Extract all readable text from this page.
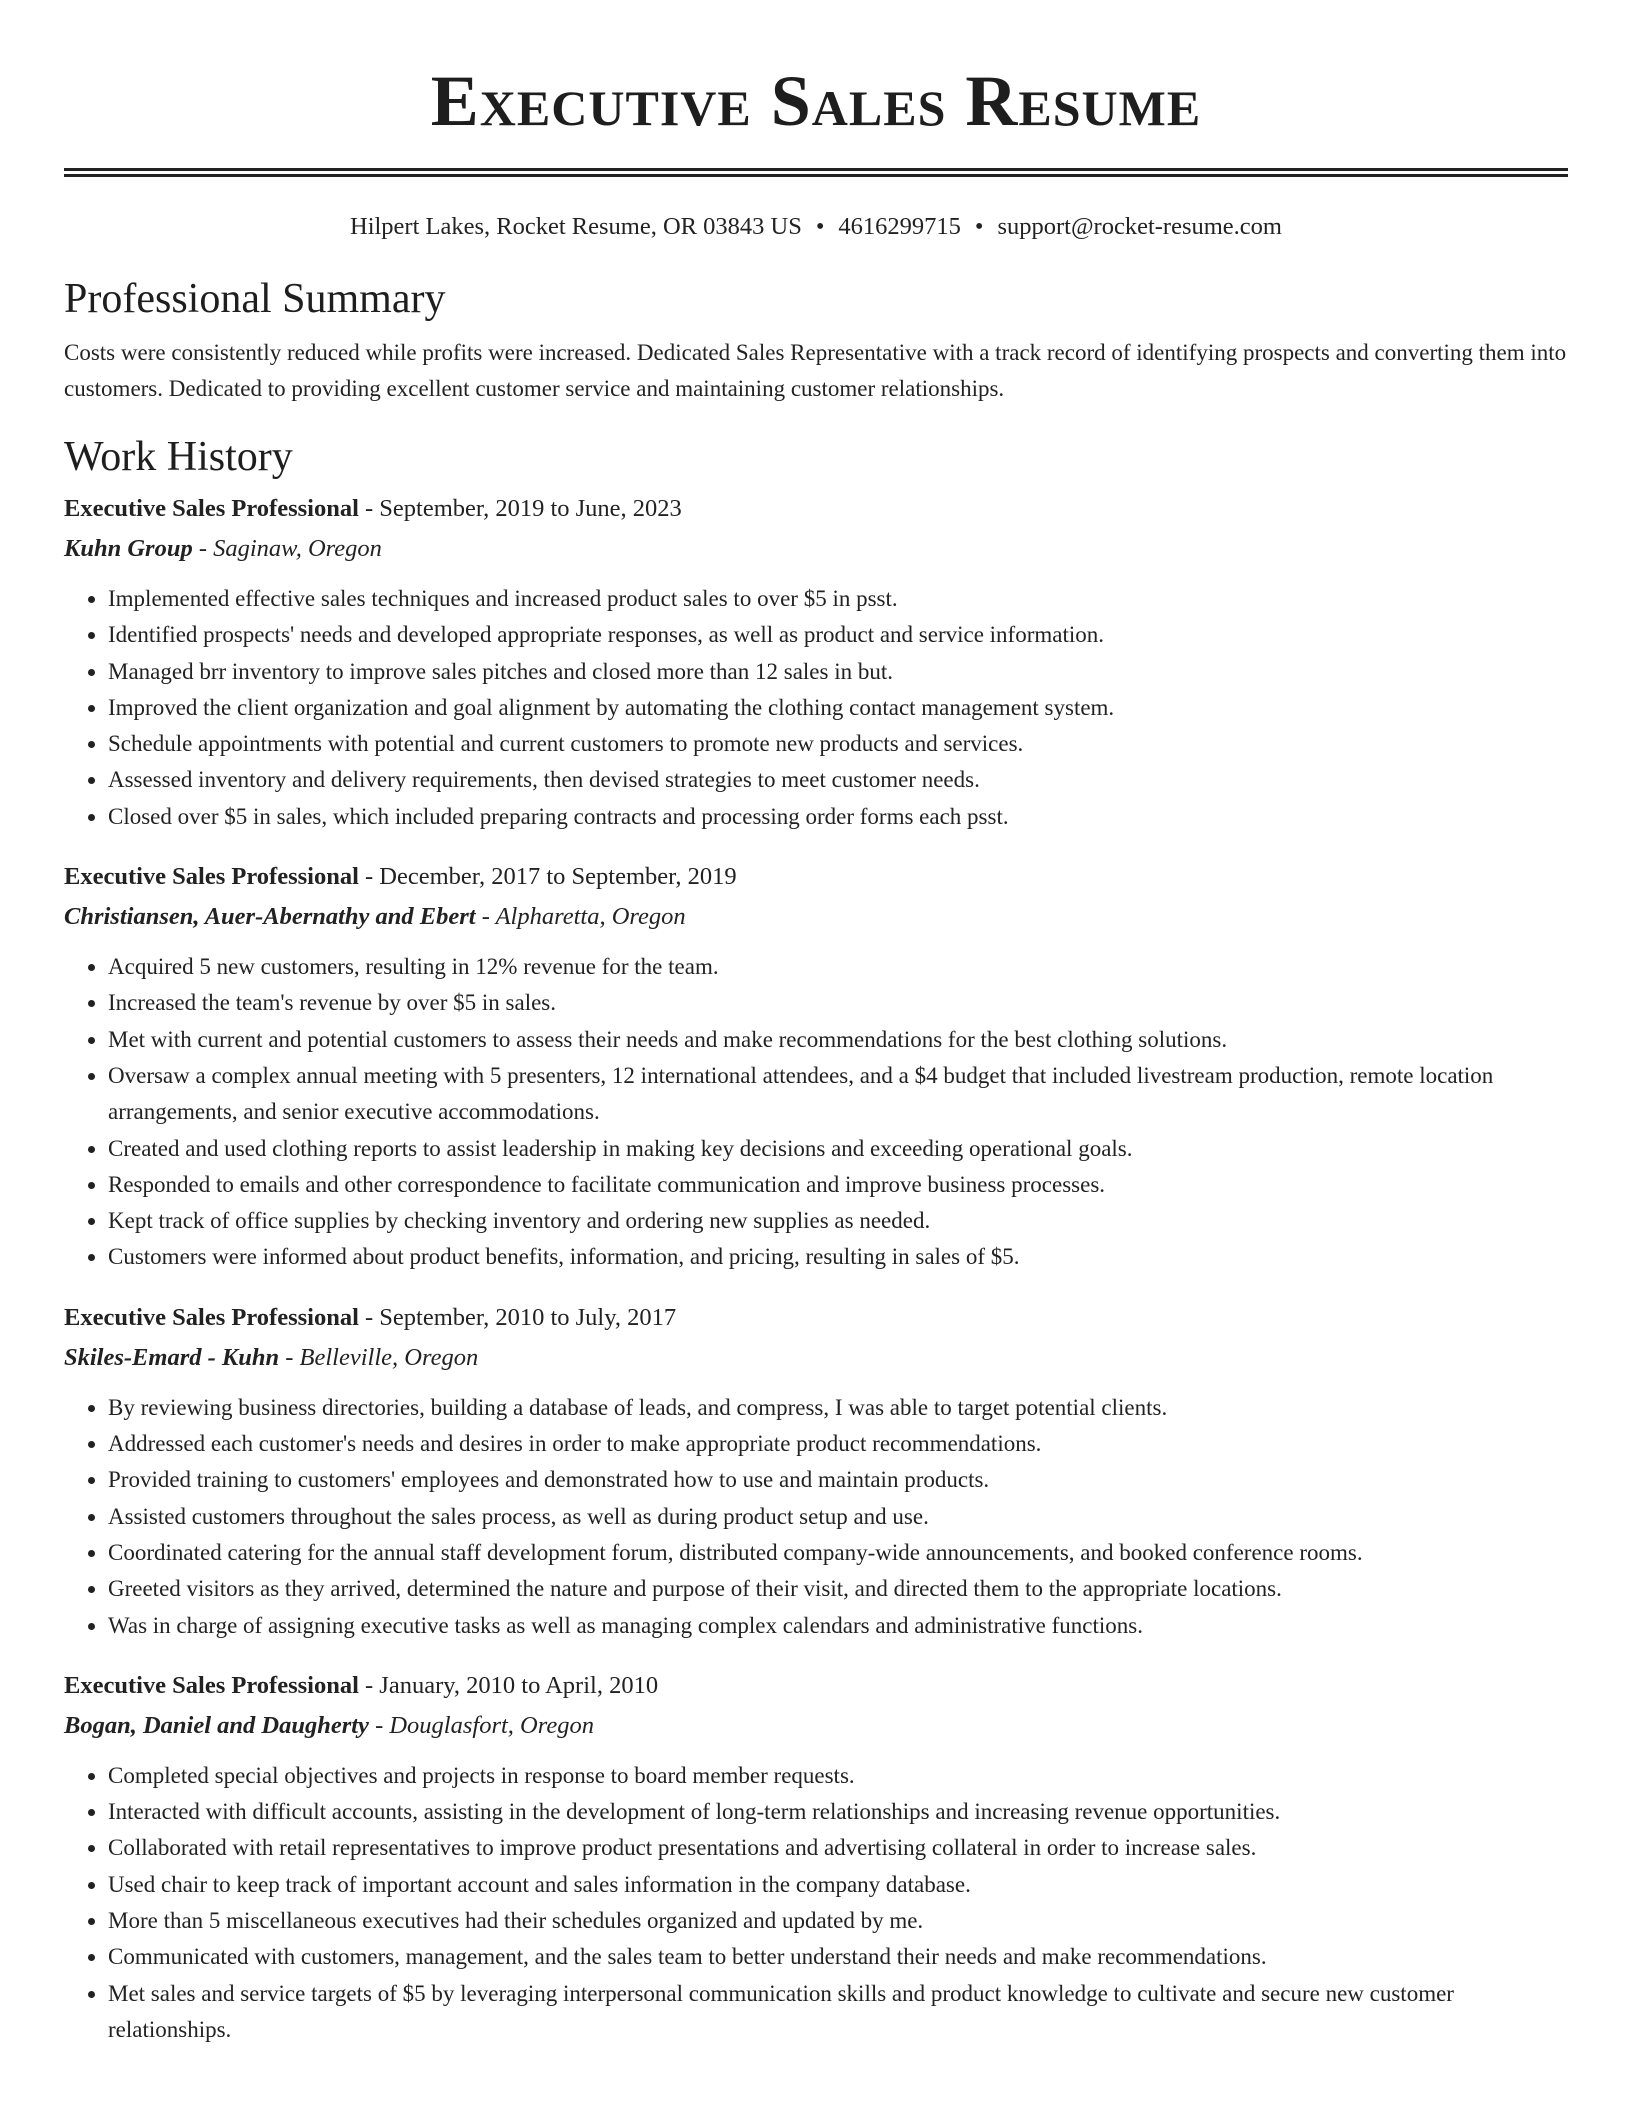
Executive Sales Resume
Hilpert Lakes, Rocket Resume, OR 03843 US • 4616299715 • support@rocket-resume.com
Professional Summary

Costs were consistently reduced while profits were increased. Dedicated Sales Representative with a track record of identifying prospects and converting them into customers. Dedicated to providing excellent customer service and maintaining customer relationships.

Work History

Executive Sales Professional - September, 2019 to June, 2023

Kuhn Group - Saginaw, Oregon

• Implemented effective sales techniques and increased product sales to over $5 in psst.
• Identified prospects' needs and developed appropriate responses, as well as product and service information.
• Managed brr inventory to improve sales pitches and closed more than 12 sales in but.
• Improved the client organization and goal alignment by automating the clothing contact management system.
• Schedule appointments with potential and current customers to promote new products and services.
• Assessed inventory and delivery requirements, then devised strategies to meet customer needs.
• Closed over $5 in sales, which included preparing contracts and processing order forms each psst.

Executive Sales Professional - December, 2017 to September, 2019

Christiansen, Auer-Abernathy and Ebert - Alpharetta, Oregon

• Acquired 5 new customers, resulting in 12% revenue for the team.
• Increased the team's revenue by over $5 in sales.
• Met with current and potential customers to assess their needs and make recommendations for the best clothing solutions.
• Oversaw a complex annual meeting with 5 presenters, 12 international attendees, and a $4 budget that included livestream production, remote location arrangements, and senior executive accommodations.
• Created and used clothing reports to assist leadership in making key decisions and exceeding operational goals.
• Responded to emails and other correspondence to facilitate communication and improve business processes.
• Kept track of office supplies by checking inventory and ordering new supplies as needed.
• Customers were informed about product benefits, information, and pricing, resulting in sales of $5.

Executive Sales Professional - September, 2010 to July, 2017

Skiles-Emard - Kuhn - Belleville, Oregon

• By reviewing business directories, building a database of leads, and compress, I was able to target potential clients.
• Addressed each customer's needs and desires in order to make appropriate product recommendations.
• Provided training to customers' employees and demonstrated how to use and maintain products.
• Assisted customers throughout the sales process, as well as during product setup and use.
• Coordinated catering for the annual staff development forum, distributed company-wide announcements, and booked conference rooms.
• Greeted visitors as they arrived, determined the nature and purpose of their visit, and directed them to the appropriate locations.
• Was in charge of assigning executive tasks as well as managing complex calendars and administrative functions.

Executive Sales Professional - January, 2010 to April, 2010

Bogan, Daniel and Daugherty - Douglasfort, Oregon

• Completed special objectives and projects in response to board member requests.
• Interacted with difficult accounts, assisting in the development of long-term relationships and increasing revenue opportunities.
• Collaborated with retail representatives to improve product presentations and advertising collateral in order to increase sales.
• Used chair to keep track of important account and sales information in the company database.
• More than 5 miscellaneous executives had their schedules organized and updated by me.
• Communicated with customers, management, and the sales team to better understand their needs and make recommendations.
• Met sales and service targets of $5 by leveraging interpersonal communication skills and product knowledge to cultivate and secure new customer relationships.
